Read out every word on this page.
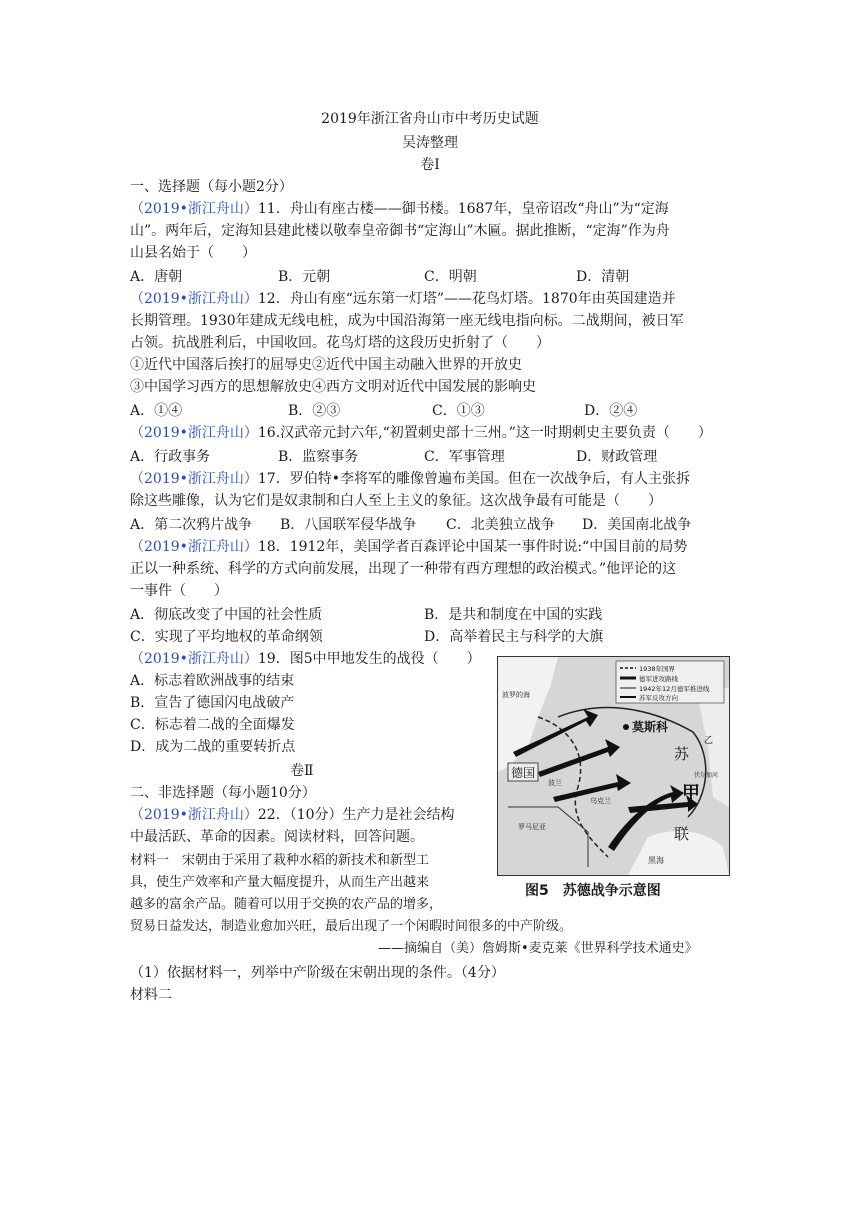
2019年浙江省舟山市中考历史试题
吴涛整理
卷Ⅰ
一、选择题（每小题2分）
（2019•浙江舟山）11．舟山有座古楼——御书楼。1687年，皇帝诏改“舟山”为“定海
山”。两年后，定海知县建此楼以敬奉皇帝御书“定海山”木匾。据此推断，“定海”作为舟
山县名始于（　　）
A．唐朝	B．元朝	C．明朝	D．清朝
（2019•浙江舟山）12．舟山有座“远东第一灯塔”——花鸟灯塔。1870年由英国建造并
长期管理。1930年建成无线电桩，成为中国沿海第一座无线电指向标。二战期间，被日军
占领。抗战胜利后，中国收回。花鸟灯塔的这段历史折射了（　　）
①近代中国落后挨打的屈辱史②近代中国主动融入世界的开放史
③中国学习西方的思想解放史④西方文明对近代中国发展的影响史
A．①④	B．②③	C．①③	D．②④
（2019•浙江舟山）16.汉武帝元封六年,“初置刺史部十三州。”这一时期刺史主要负责（　　）
A．行政事务	B．监察事务	C．军事管理	D．财政管理
（2019•浙江舟山）17．罗伯特•李将军的雕像曾遍布美国。但在一次战争后，有人主张拆
除这些雕像，认为它们是奴隶制和白人至上主义的象征。这次战争最有可能是（　　）
A．第二次鸦片战争 B．八国联军侵华战争 C．北美独立战争 D．美国南北战争
（2019•浙江舟山）18．1912年，美国学者百森评论中国某一事件时说:“中国目前的局势
正以一种系统、科学的方式向前发展，出现了一种带有西方理想的政治模式。”他评论的这
一事件（　　）
A．彻底改变了中国的社会性质	B．是共和制度在中国的实践
C．实现了平均地权的革命纲领	D．高举着民主与科学的大旗
（2019•浙江舟山）19．图5中甲地发生的战役（　　）
A．标志着欧洲战事的结束
B．宣告了德国闪电战破产
C．标志着二战的全面爆发
D．成为二战的重要转折点
卷Ⅱ
二、非选择题（每小题10分）
（2019•浙江舟山）22．（10分）生产力是社会结构
中最活跃、革命的因素。阅读材料，回答问题。
材料一　宋朝由于采用了栽种水稻的新技术和新型工
具，使生产效率和产量大幅度提升，从而生产出越来
越多的富余产品。随着可以用于交换的农产品的增多，
贸易日益发达，制造业愈加兴旺，最后出现了一个闲暇时间很多的中产阶级。
——摘编自（美）詹姆斯•麦克莱《世界科学技术通史》
（1）依据材料一，列举中产阶级在宋朝出现的条件。（4分）
材料二
1938年国界
德军进攻路线
1942年12月德军推进线
苏军反攻方向
波罗的海
莫斯科
苏
联
甲
乙
伏尔加河
德国
波兰
乌克兰
罗马尼亚
黑海
图5　苏德战争示意图
